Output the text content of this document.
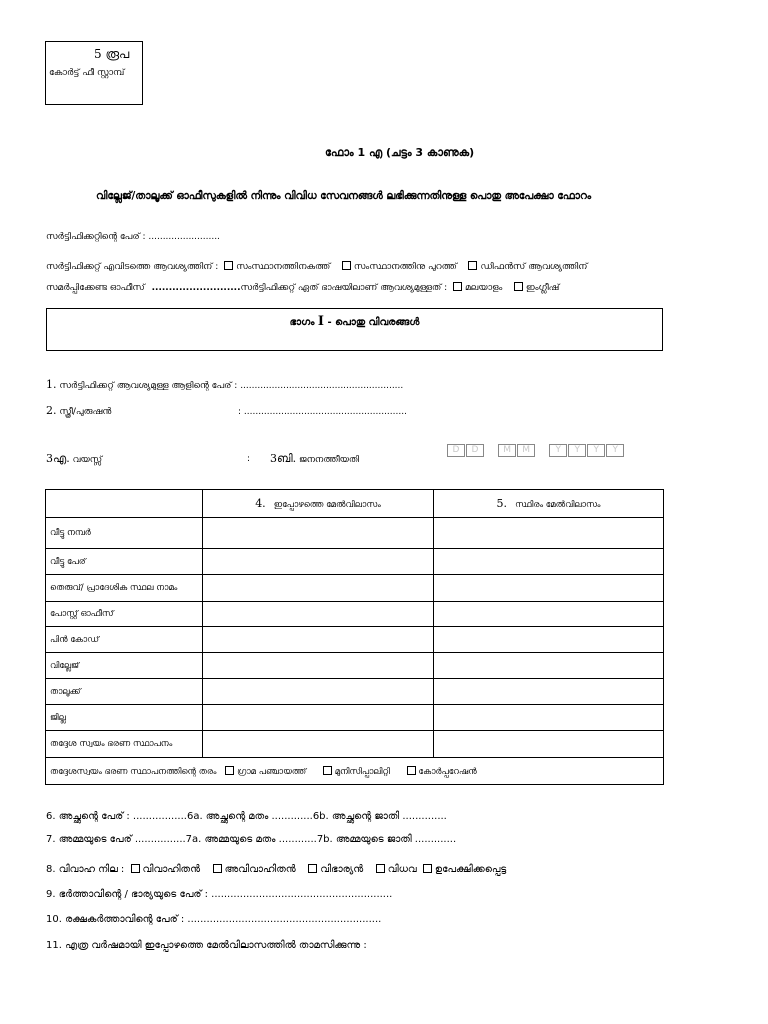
5 രൂപ
കോർട്ട് ഫീ സ്റ്റാമ്പ്
ഫോം 1 എ (ചട്ടം 3 കാണുക)
വില്ലേജ്/താലൂക്ക് ഓഫീസുകളിൽ നിന്നും വിവിധ സേവനങ്ങൾ ലഭിക്കുന്നതിനുള്ള പൊതു അപേക്ഷാ ഫോറം
സർട്ടിഫിക്കറ്റിന്റെ പേര് : .........................
സർട്ടിഫിക്കറ്റ് എവിടത്തെ ആവശ്യത്തിന് : സംസ്ഥാനത്തിനകത്ത്	സംസ്ഥാനത്തിനു പുറത്ത്	ഡിഫൻസ് ആവശ്യത്തിന്
സമർപ്പിക്കേണ്ട ഓഫീസ് ..........................സർട്ടിഫിക്കറ്റ് ഏത് ഭാഷയിലാണ് ആവശ്യമുള്ളത് : മലയാളം	ഇംഗ്ലീഷ്
ഭാഗം I - പൊതു വിവരങ്ങൾ
1. സർട്ടിഫിക്കറ്റ് ആവശ്യമുള്ള ആളിന്റെ പേര് : .........................................................
2. സ്ത്രീ/പുരുഷൻ	: .........................................................
3എ. വയസ്സ്	: 3ബി. ജനനത്തീയതി
D D	M M	Y Y Y Y
	4. ഇപ്പോഴത്തെ മേൽവിലാസം	5. സ്ഥിരം മേൽവിലാസം
വീട്ടു നമ്പർ		
വീട്ടു പേര്		
തെരുവ്/ പ്രാദേശിക സ്ഥല നാമം		
പോസ്റ്റ് ഓഫീസ്		
പിൻ കോഡ്		
വില്ലേജ്		
താലൂക്ക്		
ജില്ല		
തദ്ദേശ സ്വയം ഭരണ സ്ഥാപനം		
തദ്ദേശസ്വയം ഭരണ സ്ഥാപനത്തിന്റെ തരം ഗ്രാമ പഞ്ചായത്ത് മുനിസിപ്പാലിറ്റി കോർപ്പറേഷൻ		
6. അച്ഛന്റെ പേര് : .................6a. അച്ഛന്റെ മതം .............6b. അച്ഛന്റെ ജാതി ..............
7. അമ്മയുടെ പേര് ................7a. അമ്മയുടെ മതം ............7b. അമ്മയുടെ ജാതി .............
8. വിവാഹ നില : വിവാഹിതൻ അവിവാഹിതൻ വിഭാര്യൻ വിധവ ഉപേക്ഷിക്കപ്പെട്ട
9. ഭർത്താവിന്റെ / ഭാര്യയുടെ പേര് : .........................................................
10. രക്ഷകർത്താവിന്റെ പേര് : .............................................................
11. എത്ര വർഷമായി ഇപ്പോഴത്തെ മേൽവിലാസത്തിൽ താമസിക്കുന്നു :
